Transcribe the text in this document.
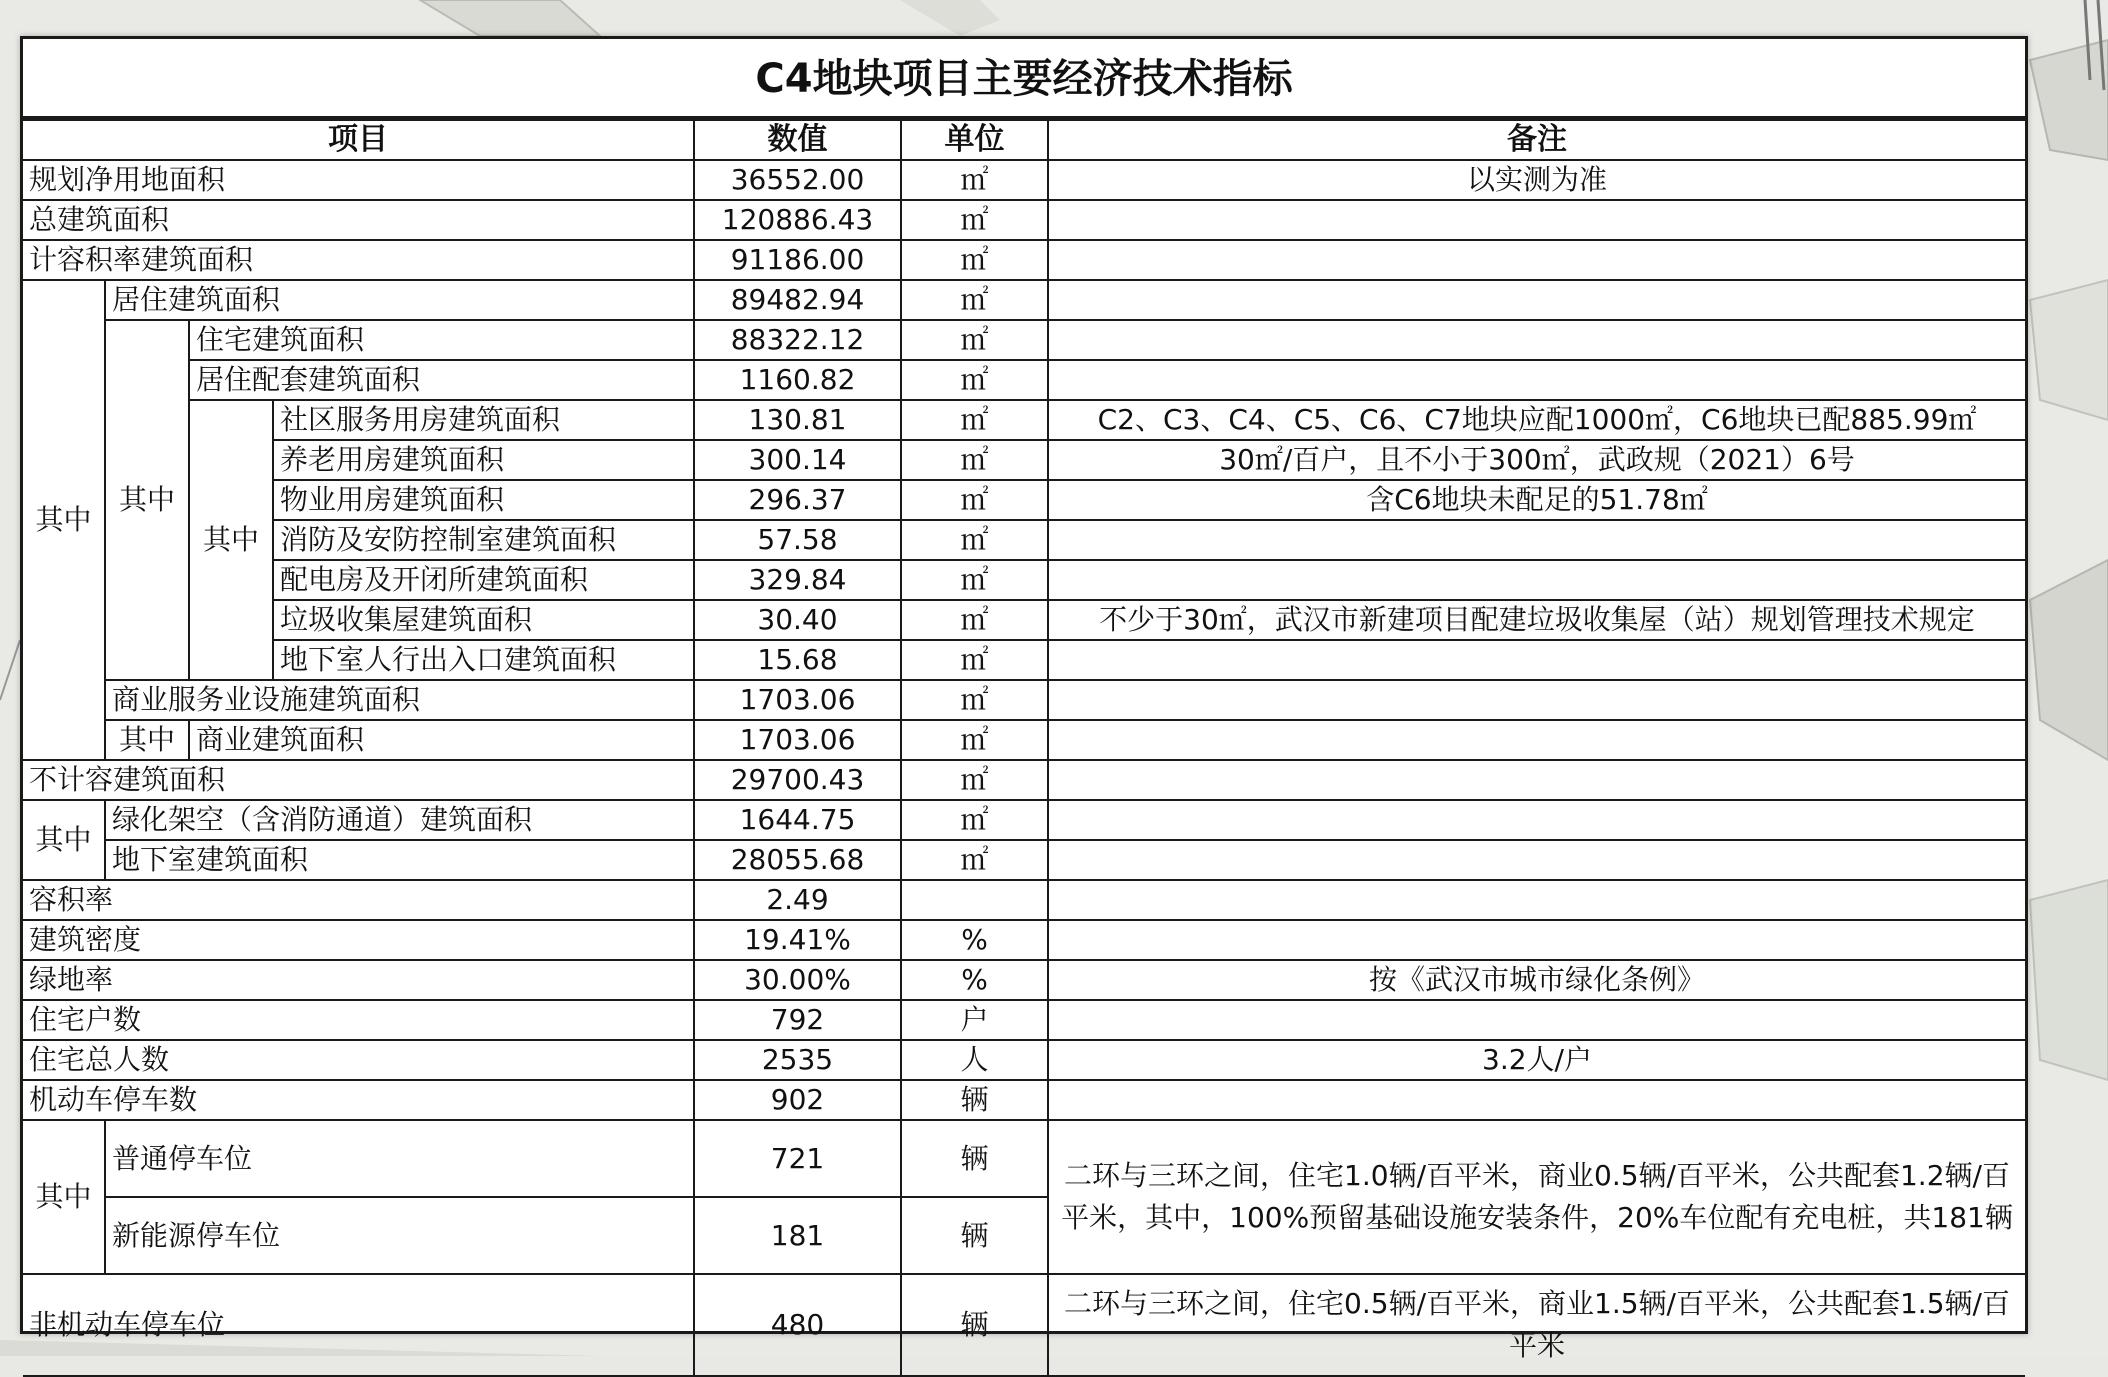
C4地块项目主要经济技术指标
项目				数值	单位	备注
规划净用地面积				36552.00	㎡	以实测为准
总建筑面积				120886.43	㎡	
计容积率建筑面积				91186.00	㎡	
其中	居住建筑面积			89482.94	㎡	
	其中	住宅建筑面积		88322.12	㎡	
		居住配套建筑面积		1160.82	㎡	
		其中	社区服务用房建筑面积	130.81	㎡	C2、C3、C4、C5、C6、C7地块应配1000㎡，C6地块已配885.99㎡
			养老用房建筑面积	300.14	㎡	30㎡/百户，且不小于300㎡，武政规（2021）6号
			物业用房建筑面积	296.37	㎡	含C6地块未配足的51.78㎡
			消防及安防控制室建筑面积	57.58	㎡	
			配电房及开闭所建筑面积	329.84	㎡	
			垃圾收集屋建筑面积	30.40	㎡	不少于30㎡，武汉市新建项目配建垃圾收集屋（站）规划管理技术规定
			地下室人行出入口建筑面积	15.68	㎡	
	商业服务业设施建筑面积			1703.06	㎡	
	其中	商业建筑面积		1703.06	㎡	
不计容建筑面积				29700.43	㎡	
其中	绿化架空（含消防通道）建筑面积			1644.75	㎡	
	地下室建筑面积			28055.68	㎡	
容积率				2.49		
建筑密度				19.41%	%	
绿地率				30.00%	%	按《武汉市城市绿化条例》
住宅户数				792	户	
住宅总人数				2535	人	3.2人/户
机动车停车数				902	辆	
其中	普通停车位			721	辆	二环与三环之间，住宅1.0辆/百平米，商业0.5辆/百平米，公共配套1.2辆/百平米，其中，100%预留基础设施安装条件，20%车位配有充电桩，共181辆
	新能源停车位			181	辆	
非机动车停车位				480	辆	二环与三环之间，住宅0.5辆/百平米，商业1.5辆/百平米，公共配套1.5辆/百平米
